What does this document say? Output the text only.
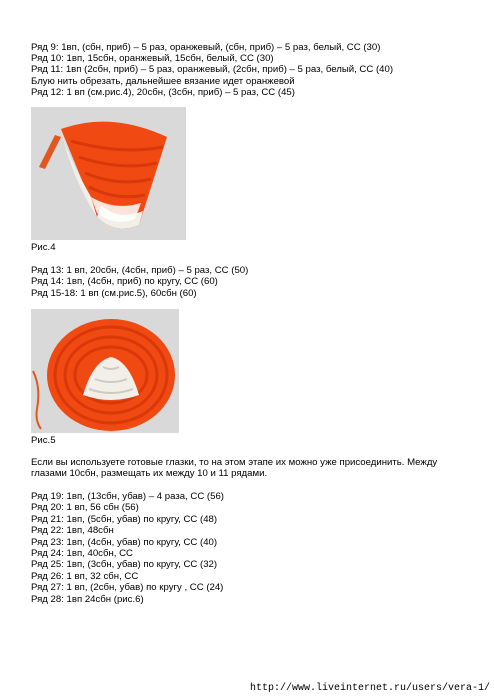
Ряд 9: 1вп, (сбн, приб) – 5 раз, оранжевый, (сбн, приб) – 5 раз, белый, СС (30)
Ряд 10: 1вп, 15сбн, оранжевый, 15сбн, белый, СС (30)
Ряд 11: 1вп (2сбн, приб) – 5 раз, оранжевый, (2сбн, приб) – 5 раз, белый, СС (40)
Блую нить обрезать, дальнейшее вязание идет оранжевой
Ряд 12: 1 вп (см.рис.4), 20сбн, (3сбн, приб) – 5 раз, СС (45)
Рис.4
Ряд 13: 1 вп, 20сбн, (4сбн, приб) – 5 раз, СС (50)
Ряд 14: 1вп, (4сбн, приб) по кругу, СС (60)
Ряд 15-18: 1 вп (см.рис.5), 60сбн (60)
Рис.5
Если вы используете готовые глазки, то на этом этапе их можно уже присоединить. Между
глазами 10сбн, размещать их между 10 и 11 рядами.
Ряд 19: 1вп, (13сбн, убав) – 4 раза, СС (56)
Ряд 20: 1 вп, 56 сбн (56)
Ряд 21: 1вп, (5сбн, убав) по кругу, СС (48)
Ряд 22: 1вп, 48сбн
Ряд 23: 1вп, (4сбн, убав) по кругу, СС (40)
Ряд 24: 1вп, 40сбн, СС
Ряд 25: 1вп, (3сбн, убав) по кругу, СС (32)
Ряд 26: 1 вп, 32 сбн, СС
Ряд 27: 1 вп, (2сбн, убав) по кругу , СС (24)
Ряд 28: 1вп 24сбн (рис.6)
http://www.liveinternet.ru/users/vera-1/
